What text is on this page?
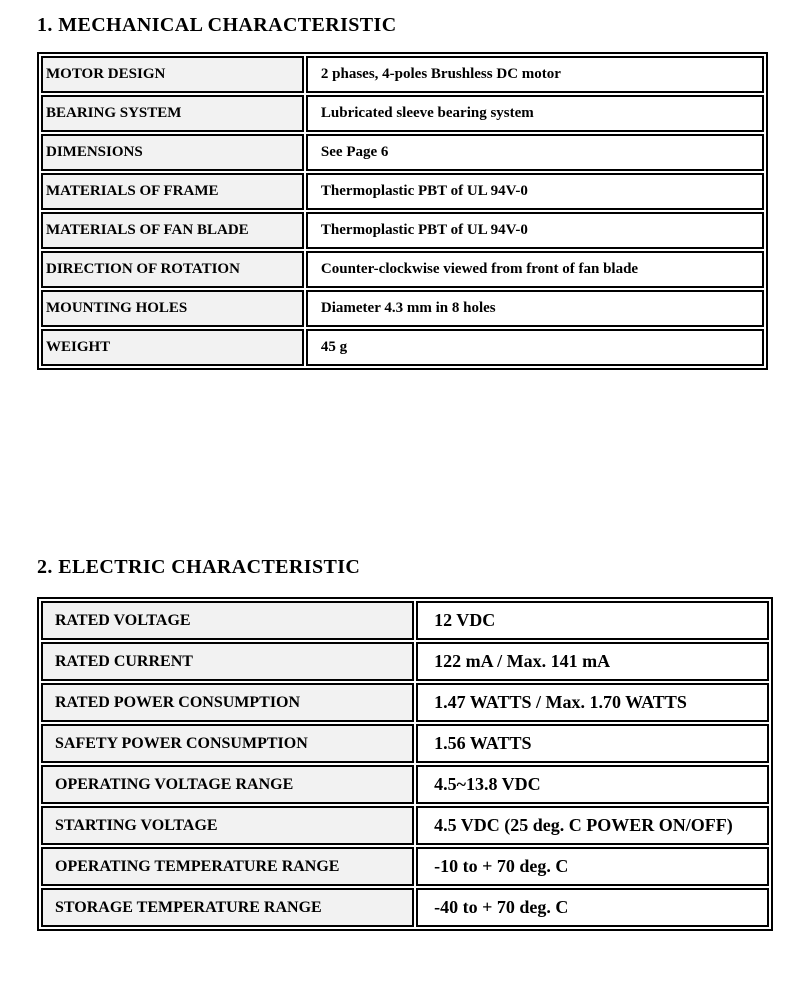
1. MECHANICAL CHARACTERISTIC
MOTOR DESIGN	2 phases, 4-poles Brushless DC motor
BEARING SYSTEM	Lubricated sleeve bearing system
DIMENSIONS	See Page 6
MATERIALS OF FRAME	Thermoplastic PBT of UL 94V-0
MATERIALS OF FAN BLADE	Thermoplastic PBT of UL 94V-0
DIRECTION OF ROTATION	Counter-clockwise viewed from front of fan blade
MOUNTING HOLES	Diameter 4.3 mm in 8 holes
WEIGHT	45 g
2. ELECTRIC CHARACTERISTIC
RATED VOLTAGE	12 VDC
RATED CURRENT	122 mA / Max. 141 mA
RATED POWER CONSUMPTION	1.47 WATTS / Max. 1.70 WATTS
SAFETY POWER CONSUMPTION	1.56 WATTS
OPERATING VOLTAGE RANGE	4.5~13.8 VDC
STARTING VOLTAGE	4.5 VDC (25 deg. C POWER ON/OFF)
OPERATING TEMPERATURE RANGE	-10 to + 70 deg. C
STORAGE TEMPERATURE RANGE	-40 to + 70 deg. C
